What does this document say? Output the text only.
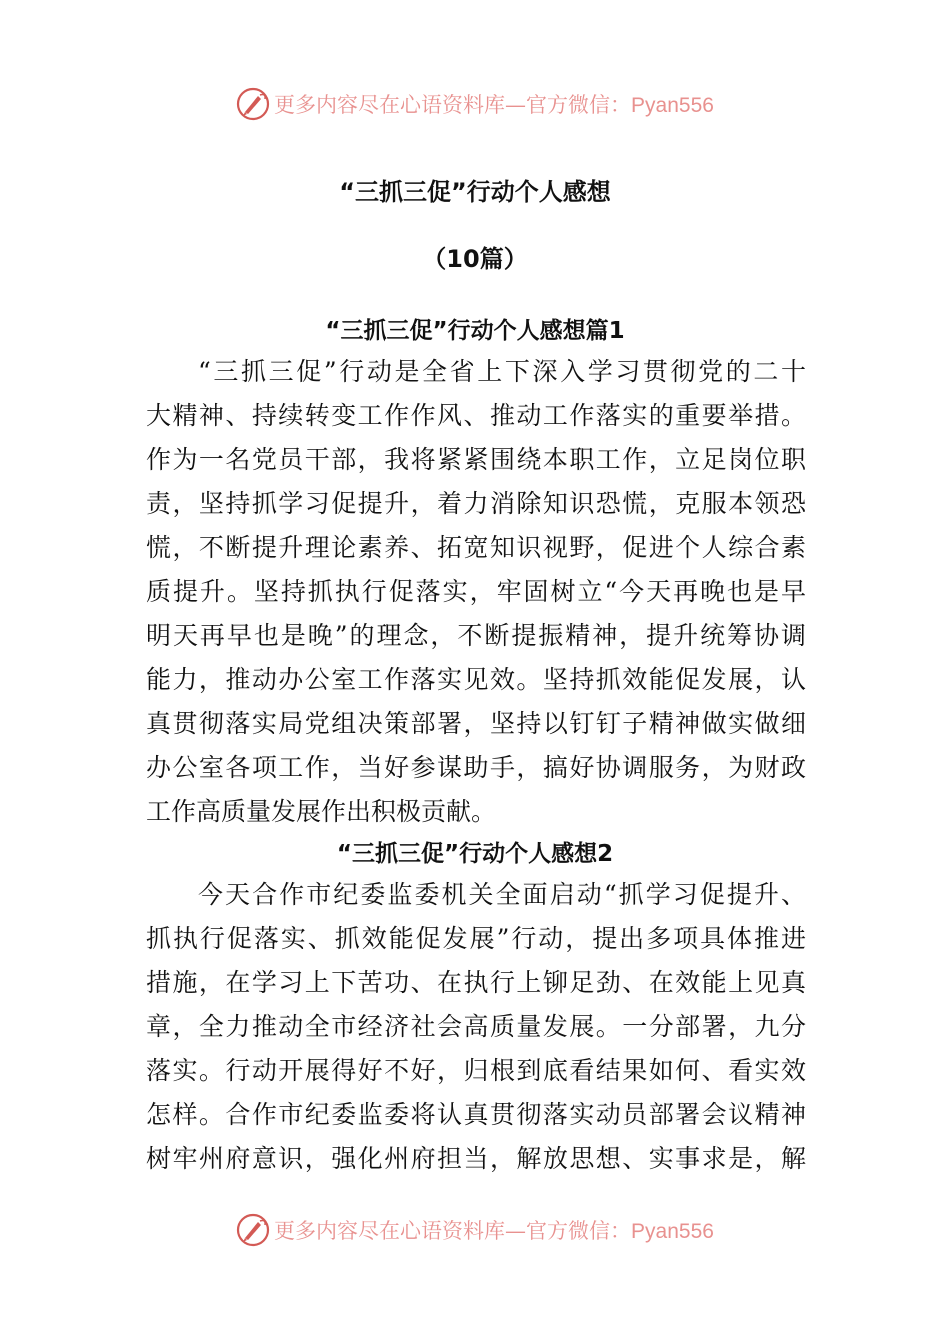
更多内容尽在心语资料库—官方微信：Pyan556
“三抓三促”行动个人感想
（10篇）
“三抓三促”行动个人感想篇1
“三抓三促”行动是全省上下深入学习贯彻党的二十
大精神、持续转变工作作风、推动工作落实的重要举措。
作为一名党员干部，我将紧紧围绕本职工作，立足岗位职
责，坚持抓学习促提升，着力消除知识恐慌，克服本领恐
慌，不断提升理论素养、拓宽知识视野，促进个人综合素
质提升。坚持抓执行促落实，牢固树立“今天再晚也是早
明天再早也是晚”的理念，不断提振精神，提升统筹协调
能力，推动办公室工作落实见效。坚持抓效能促发展，认
真贯彻落实局党组决策部署，坚持以钉钉子精神做实做细
办公室各项工作，当好参谋助手，搞好协调服务，为财政
工作高质量发展作出积极贡献。
“三抓三促”行动个人感想2
今天合作市纪委监委机关全面启动“抓学习促提升、
抓执行促落实、抓效能促发展”行动，提出多项具体推进
措施，在学习上下苦功、在执行上铆足劲、在效能上见真
章，全力推动全市经济社会高质量发展。一分部署，九分
落实。行动开展得好不好，归根到底看结果如何、看实效
怎样。合作市纪委监委将认真贯彻落实动员部署会议精神
树牢州府意识，强化州府担当，解放思想、实事求是，解
更多内容尽在心语资料库—官方微信：Pyan556
